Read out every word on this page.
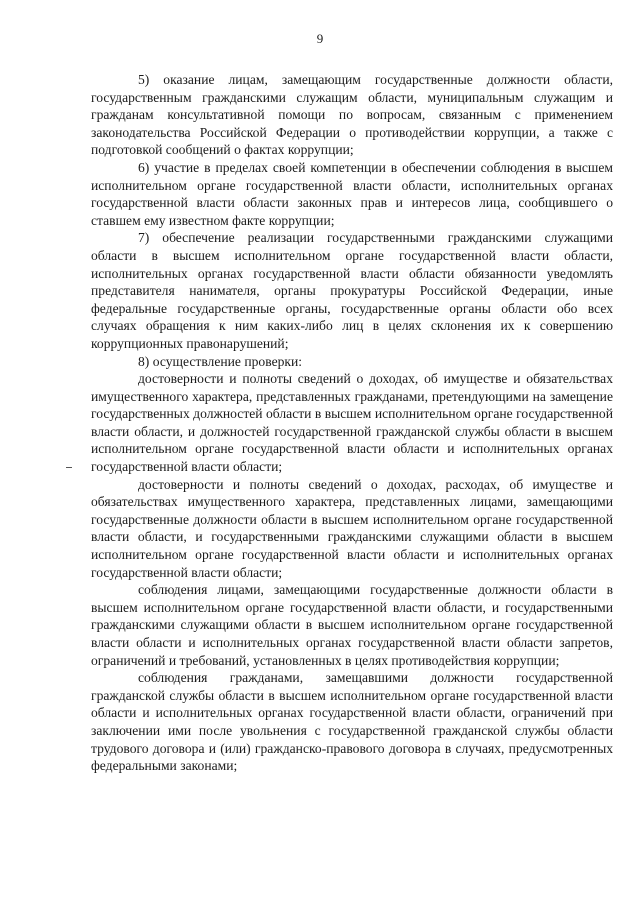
9

5) оказание лицам, замещающим государственные должности области, государственным гражданскими служащим области, муниципальным служащим и гражданам консультативной помощи по вопросам, связанным с применением законодательства Российской Федерации о противодействии коррупции, а также с подготовкой сообщений о фактах коррупции;

6) участие в пределах своей компетенции в обеспечении соблюдения в высшем исполнительном органе государственной власти области, исполнительных органах государственной власти области законных прав и интересов лица, сообщившего о ставшем ему известном факте коррупции;

7) обеспечение реализации государственными гражданскими служащими области в высшем исполнительном органе государственной власти области, исполнительных органах государственной власти области обязанности уведомлять представителя нанимателя, органы прокуратуры Российской Федерации, иные федеральные государственные органы, государственные органы области обо всех случаях обращения к ним каких-либо лиц в целях склонения их к совершению коррупционных правонарушений;

8) осуществление проверки:

достоверности и полноты сведений о доходах, об имуществе и обязательствах имущественного характера, представленных гражданами, претендующими на замещение государственных должностей области в высшем исполнительном органе государственной власти области, и должностей государственной гражданской службы области в высшем исполнительном органе государственной власти области и исполнительных органах государственной власти области;

достоверности и полноты сведений о доходах, расходах, об имуществе и обязательствах имущественного характера, представленных лицами, замещающими государственные должности области в высшем исполнительном органе государственной власти области, и государственными гражданскими служащими области в высшем исполнительном органе государственной власти области и исполнительных органах государственной власти области;

соблюдения лицами, замещающими государственные должности области в высшем исполнительном органе государственной власти области, и государственными гражданскими служащими области в высшем исполнительном органе государственной власти области и исполнительных органах государственной власти области запретов, ограничений и требований, установленных в целях противодействия коррупции;

соблюдения гражданами, замещавшими должности государственной гражданской службы области в высшем исполнительном органе государственной власти области и исполнительных органах государственной власти области, ограничений при заключении ими после увольнения с государственной гражданской службы области трудового договора и (или) гражданско-правового договора в случаях, предусмотренных федеральными законами;
